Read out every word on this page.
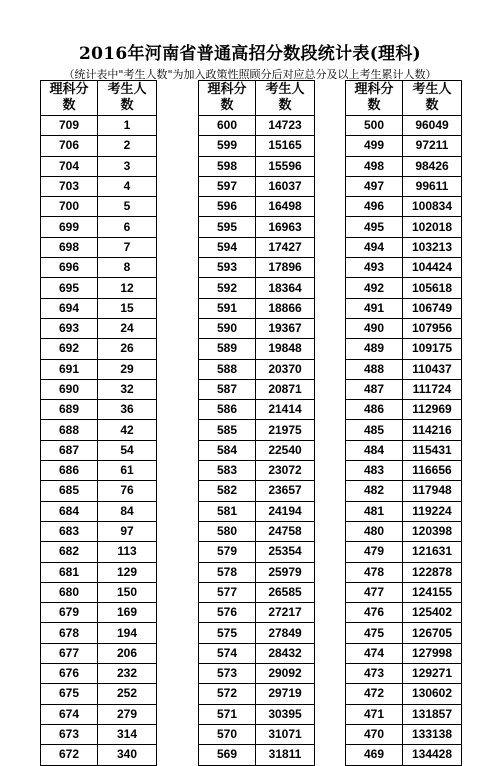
2016年河南省普通高招分数段统计表(理科)
（统计表中"考生人数"为加入政策性照顾分后对应总分及以上考生累计人数）
理科分
数	考生人
数

709	1
706	2
704	3
703	4
700	5
699	6
698	7
696	8
695	12
694	15
693	24
692	26
691	29
690	32
689	36
688	42
687	54
686	61
685	76
684	84
683	97
682	113
681	129
680	150
679	169
678	194
677	206
676	232
675	252
674	279
673	314
672	340
理科分
数	考生人
数

600	14723
599	15165
598	15596
597	16037
596	16498
595	16963
594	17427
593	17896
592	18364
591	18866
590	19367
589	19848
588	20370
587	20871
586	21414
585	21975
584	22540
583	23072
582	23657
581	24194
580	24758
579	25354
578	25979
577	26585
576	27217
575	27849
574	28432
573	29092
572	29719
571	30395
570	31071
569	31811
理科分
数	考生人
数

500	96049
499	97211
498	98426
497	99611
496	100834
495	102018
494	103213
493	104424
492	105618
491	106749
490	107956
489	109175
488	110437
487	111724
486	112969
485	114216
484	115431
483	116656
482	117948
481	119224
480	120398
479	121631
478	122878
477	124155
476	125402
475	126705
474	127998
473	129271
472	130602
471	131857
470	133138
469	134428
